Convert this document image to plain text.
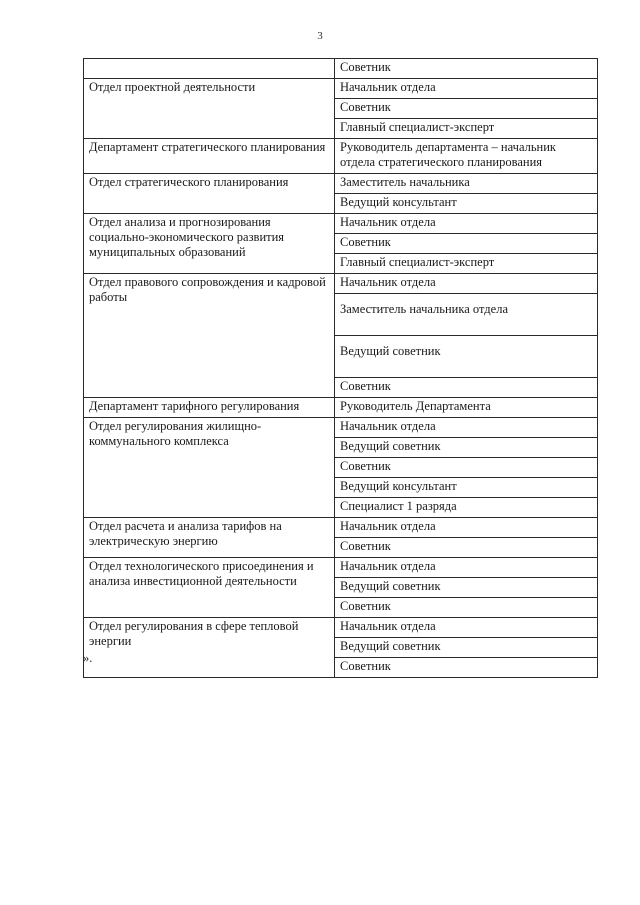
3
	Советник
Отдел проектной деятельности	Начальник отдела
	Советник
	Главный специалист-эксперт
Департамент стратегического планирования	Руководитель департамента – начальник отдела стратегического планирования
Отдел стратегического планирования	Заместитель начальника
	Ведущий консультант
Отдел анализа и прогнозирования социально-экономического развития муниципальных образований	Начальник отдела
	Советник
	Главный специалист-эксперт
Отдел правового сопровождения и кадровой работы	Начальник отдела
	Заместитель начальника отдела
	Ведущий советник
	Советник
Департамент тарифного регулирования	Руководитель Департамента
Отдел регулирования жилищно-коммунального комплекса	Начальник отдела
	Ведущий советник
	Советник
	Ведущий консультант
	Специалист 1 разряда
Отдел расчета и анализа тарифов на электрическую энергию	Начальник отдела
	Советник
Отдел технологического присоединения и анализа инвестиционной деятельности	Начальник отдела
	Ведущий советник
	Советник
Отдел регулирования в сфере тепловой энергии	Начальник отдела
	Ведущий советник
	Советник
».
